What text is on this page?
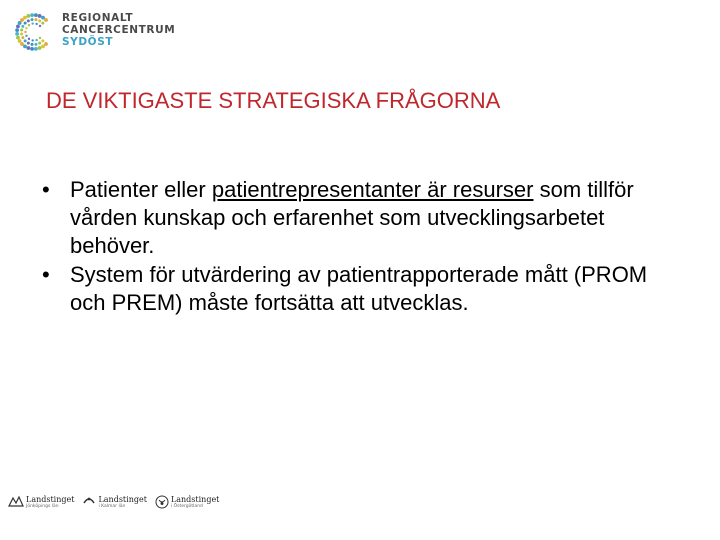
REGIONALT
CANCERCENTRUM
SYDÖST
DE VIKTIGASTE STRATEGISKA FRÅGORNA
• Patienter eller patientrepresentanter är resurser som tillför vården kunskap och erfarenhet som utvecklingsarbetet behöver.
• System för utvärdering av patientrapporterade mått (PROM och PREM) måste fortsätta att utvecklas.
Landstinget
Jönköpings län
Landstinget
i Kalmar län
Landstinget
i Östergötland
